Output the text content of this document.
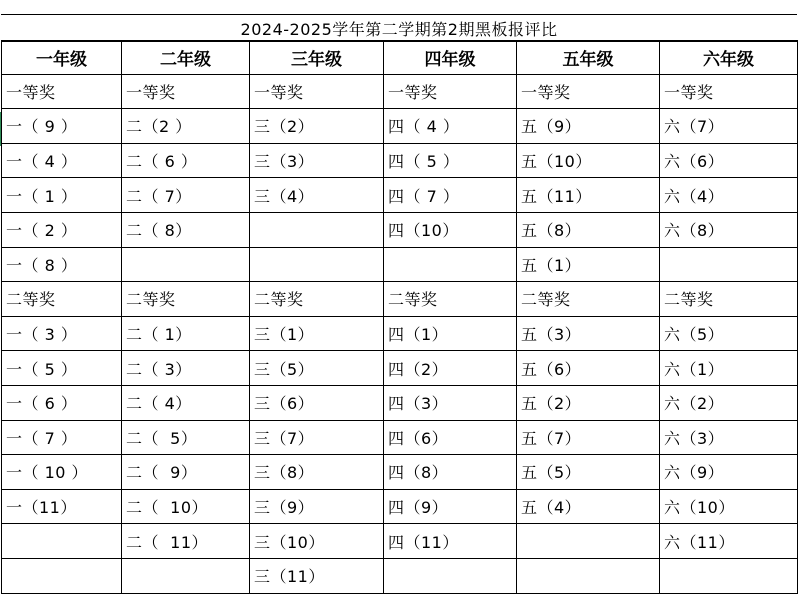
2024-2025学年第二学期第2期黑板报评比
一年级	二年级	三年级	四年级	五年级	六年级
一等奖	一等奖	一等奖	一等奖	一等奖	一等奖
一（ 9 ）	二（2 ）	三（2）	四（ 4 ）	五（9）	六（7）
一（ 4 ）	二（ 6 ）	三（3）	四（ 5 ）	五（10）	六（6）
一（ 1 ）	二（ 7）	三（4）	四（ 7 ）	五（11）	六（4）
一（ 2 ）	二（ 8）		四（10）	五（8）	六（8）
一（ 8 ）				五（1）	
二等奖	二等奖	二等奖	二等奖	二等奖	二等奖
一（ 3 ）	二（ 1）	三（1）	四（1）	五（3）	六（5）
一（ 5 ）	二（ 3）	三（5）	四（2）	五（6）	六（1）
一（ 6 ）	二（ 4）	三（6）	四（3）	五（2）	六（2）
一（ 7 ）	二（  5）	三（7）	四（6）	五（7）	六（3）
一（ 10 ）	二（  9）	三（8）	四（8）	五（5）	六（9）
一（11）	二（  10）	三（9）	四（9）	五（4）	六（10）
	二（  11）	三（10）	四（11）		六（11）
		三（11）			
